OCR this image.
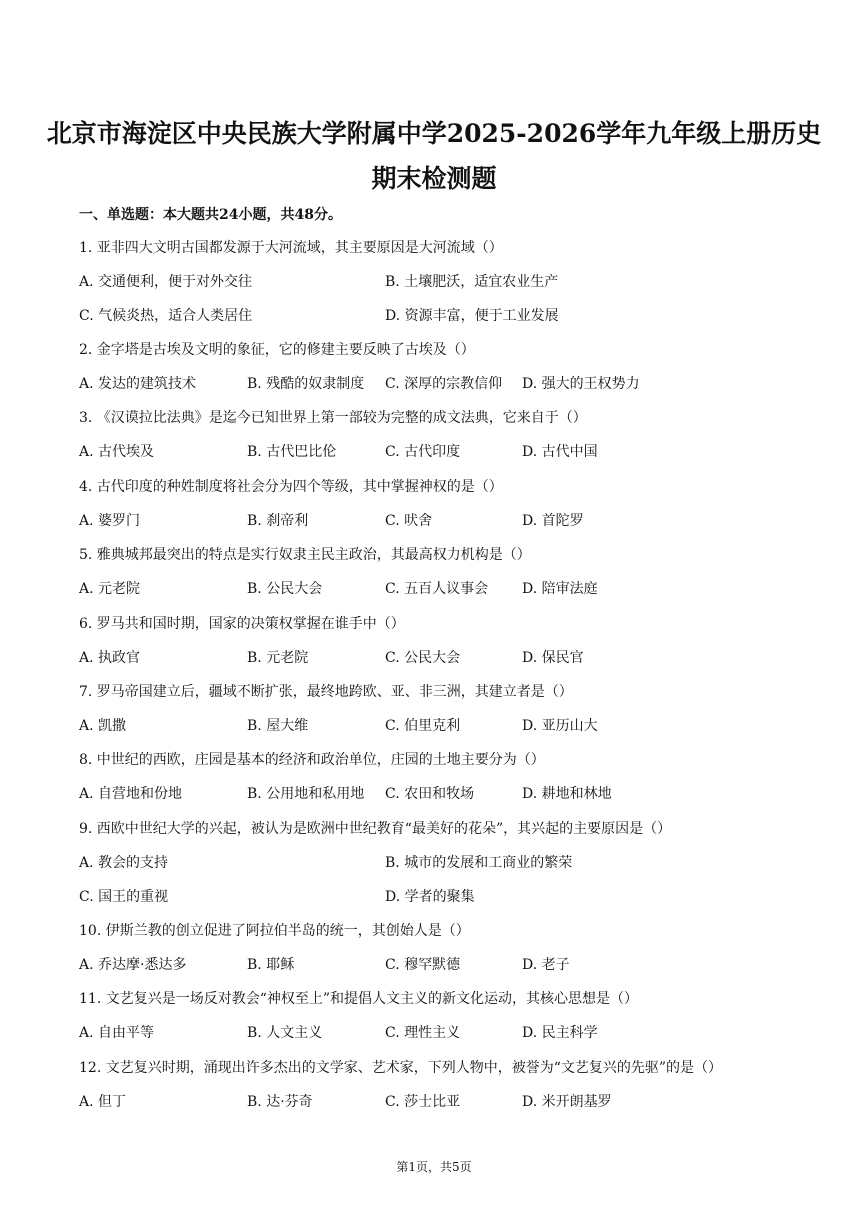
北京市海淀区中央民族大学附属中学2025-2026学年九年级上册历史
期末检测题
一、单选题：本大题共24小题，共48分。
1. 亚非四大文明古国都发源于大河流域，其主要原因是大河流域（）
A. 交通便利，便于对外交往	B. 土壤肥沃，适宜农业生产
C. 气候炎热，适合人类居住	D. 资源丰富，便于工业发展
2. 金字塔是古埃及文明的象征，它的修建主要反映了古埃及（）
A. 发达的建筑技术	B. 残酷的奴隶制度 C. 深厚的宗教信仰 D. 强大的王权势力
3. 《汉谟拉比法典》是迄今已知世界上第一部较为完整的成文法典，它来自于（）
A. 古代埃及	B. 古代巴比伦	C. 古代印度	D. 古代中国
4. 古代印度的种姓制度将社会分为四个等级，其中掌握神权的是（）
A. 婆罗门	B. 刹帝利	C. 吠舍	D. 首陀罗
5. 雅典城邦最突出的特点是实行奴隶主民主政治，其最高权力机构是（）
A. 元老院	B. 公民大会	C. 五百人议事会 D. 陪审法庭
6. 罗马共和国时期，国家的决策权掌握在谁手中（）
A. 执政官	B. 元老院	C. 公民大会	D. 保民官
7. 罗马帝国建立后，疆域不断扩张，最终地跨欧、亚、非三洲，其建立者是（）
A. 凯撒	B. 屋大维	C. 伯里克利	D. 亚历山大
8. 中世纪的西欧，庄园是基本的经济和政治单位，庄园的土地主要分为（）
A. 自营地和份地	B. 公用地和私用地 C. 农田和牧场	D. 耕地和林地
9. 西欧中世纪大学的兴起，被认为是欧洲中世纪教育“最美好的花朵”，其兴起的主要原因是（）
A. 教会的支持	B. 城市的发展和工商业的繁荣
C. 国王的重视	D. 学者的聚集
10. 伊斯兰教的创立促进了阿拉伯半岛的统一，其创始人是（）
A. 乔达摩·悉达多	B. 耶稣	C. 穆罕默德	D. 老子
11. 文艺复兴是一场反对教会“神权至上”和提倡人文主义的新文化运动，其核心思想是（）
A. 自由平等	B. 人文主义	C. 理性主义	D. 民主科学
12. 文艺复兴时期，涌现出许多杰出的文学家、艺术家，下列人物中，被誉为“文艺复兴的先驱”的是（）
A. 但丁	B. 达·芬奇	C. 莎士比亚	D. 米开朗基罗
第1页，共5页
